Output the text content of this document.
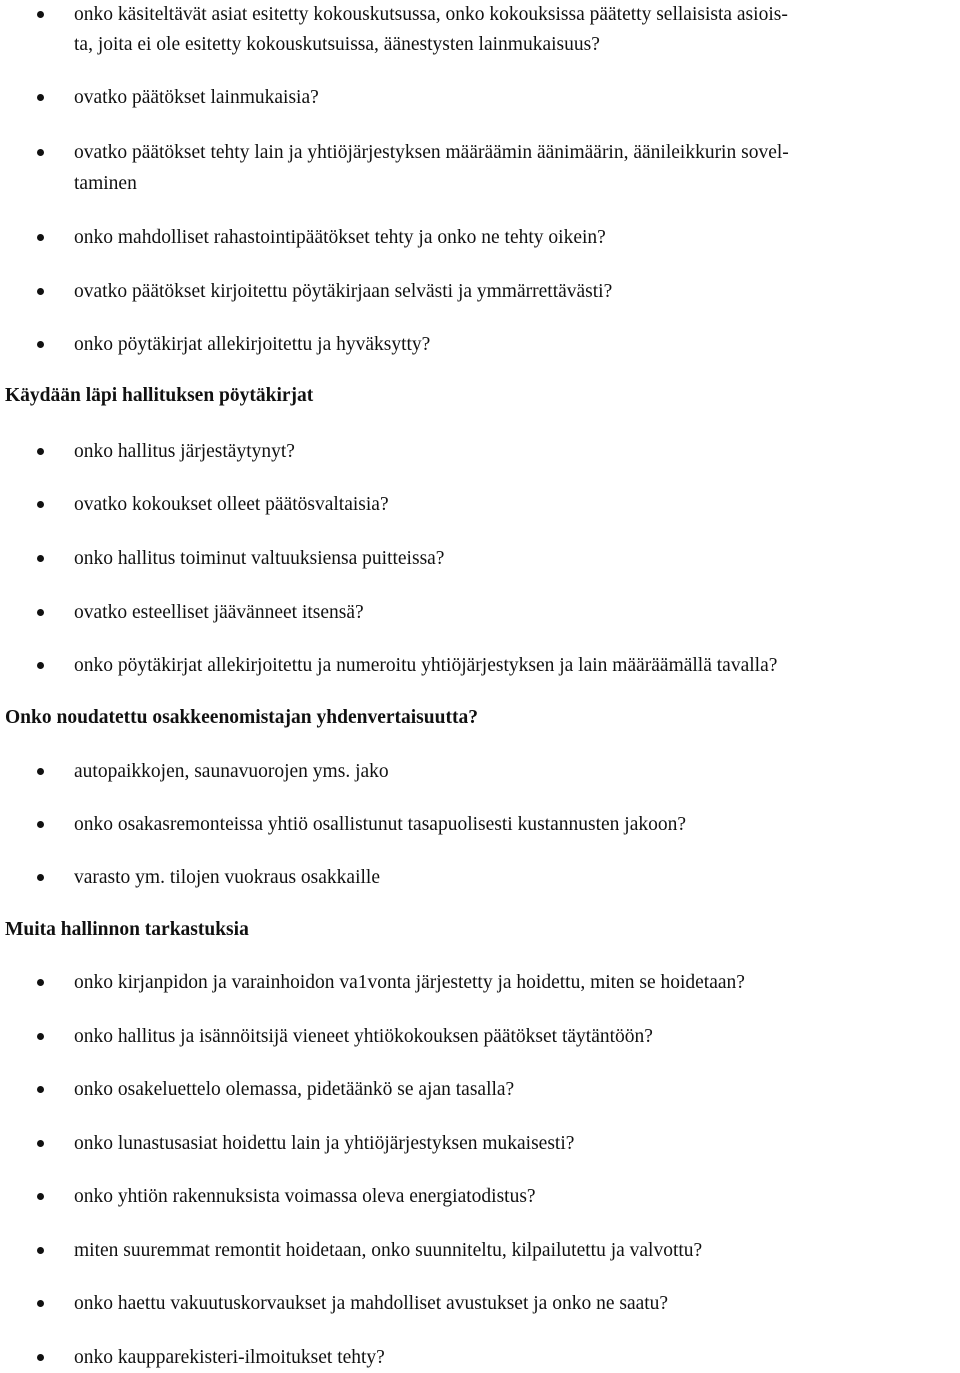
onko käsiteltävät asiat esitetty kokouskutsussa, onko kokouksissa päätetty sellaisista asiois-
ta, joita ei ole esitetty kokouskutsuissa, äänestysten lainmukaisuus?
ovatko päätökset lainmukaisia?
ovatko päätökset tehty lain ja yhtiöjärjestyksen määräämin äänimäärin, äänileikkurin sovel-
taminen
onko mahdolliset rahastointipäätökset tehty ja onko ne tehty oikein?
ovatko päätökset kirjoitettu pöytäkirjaan selvästi ja ymmärrettävästi?
onko pöytäkirjat allekirjoitettu ja hyväksytty?
Käydään läpi hallituksen pöytäkirjat
onko hallitus järjestäytynyt?
ovatko kokoukset olleet päätösvaltaisia?
onko hallitus toiminut valtuuksiensa puitteissa?
ovatko esteelliset jäävänneet itsensä?
onko pöytäkirjat allekirjoitettu ja numeroitu yhtiöjärjestyksen ja lain määräämällä tavalla?
Onko noudatettu osakkeenomistajan yhdenvertaisuutta?
autopaikkojen, saunavuorojen yms. jako
onko osakasremonteissa yhtiö osallistunut tasapuolisesti kustannusten jakoon?
varasto ym. tilojen vuokraus osakkaille
Muita hallinnon tarkastuksia
onko kirjanpidon ja varainhoidon va1vonta järjestetty ja hoidettu, miten se hoidetaan?
onko hallitus ja isännöitsijä vieneet yhtiökokouksen päätökset täytäntöön?
onko osakeluettelo olemassa, pidetäänkö se ajan tasalla?
onko lunastusasiat hoidettu lain ja yhtiöjärjestyksen mukaisesti?
onko yhtiön rakennuksista voimassa oleva energiatodistus?
miten suuremmat remontit hoidetaan, onko suunniteltu, kilpailutettu ja valvottu?
onko haettu vakuutuskorvaukset ja mahdolliset avustukset ja onko ne saatu?
onko kaupparekisteri-ilmoitukset tehty?
